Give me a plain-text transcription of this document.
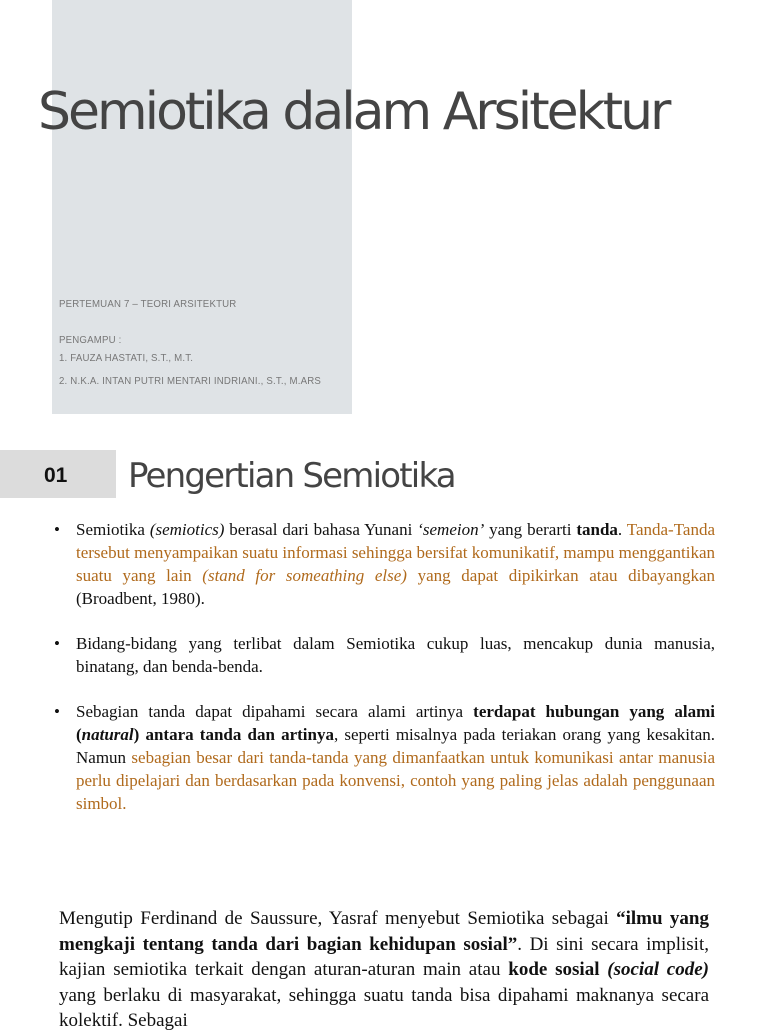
Semiotika dalam Arsitektur
PERTEMUAN 7 – TEORI ARSITEKTUR
PENGAMPU :
1. FAUZA HASTATI, S.T., M.T.
2. N.K.A. INTAN PUTRI MENTARI INDRIANI., S.T., M.ARS
01 Pengertian Semiotika
• Semiotika (semiotics) berasal dari bahasa Yunani ‘semeion’ yang berarti tanda. Tanda-Tanda tersebut menyampaikan suatu informasi sehingga bersifat komunikatif, mampu menggantikan suatu yang lain (stand for someathing else) yang dapat dipikirkan atau dibayangkan (Broadbent, 1980).
• Bidang-bidang yang terlibat dalam Semiotika cukup luas, mencakup dunia manusia, binatang, dan benda-benda.
• Sebagian tanda dapat dipahami secara alami artinya terdapat hubungan yang alami (natural) antara tanda dan artinya, seperti misalnya pada teriakan orang yang kesakitan. Namun sebagian besar dari tanda-tanda yang dimanfaatkan untuk komunikasi antar manusia perlu dipelajari dan berdasarkan pada konvensi, contoh yang paling jelas adalah penggunaan simbol.

Mengutip Ferdinand de Saussure, Yasraf menyebut Semiotika sebagai “ilmu yang mengkaji tentang tanda dari bagian kehidupan sosial”. Di sini secara implisit, kajian semiotika terkait dengan aturan-aturan main atau kode sosial (social code) yang berlaku di masyarakat, sehingga suatu tanda bisa dipahami maknanya secara kolektif. Sebagai
